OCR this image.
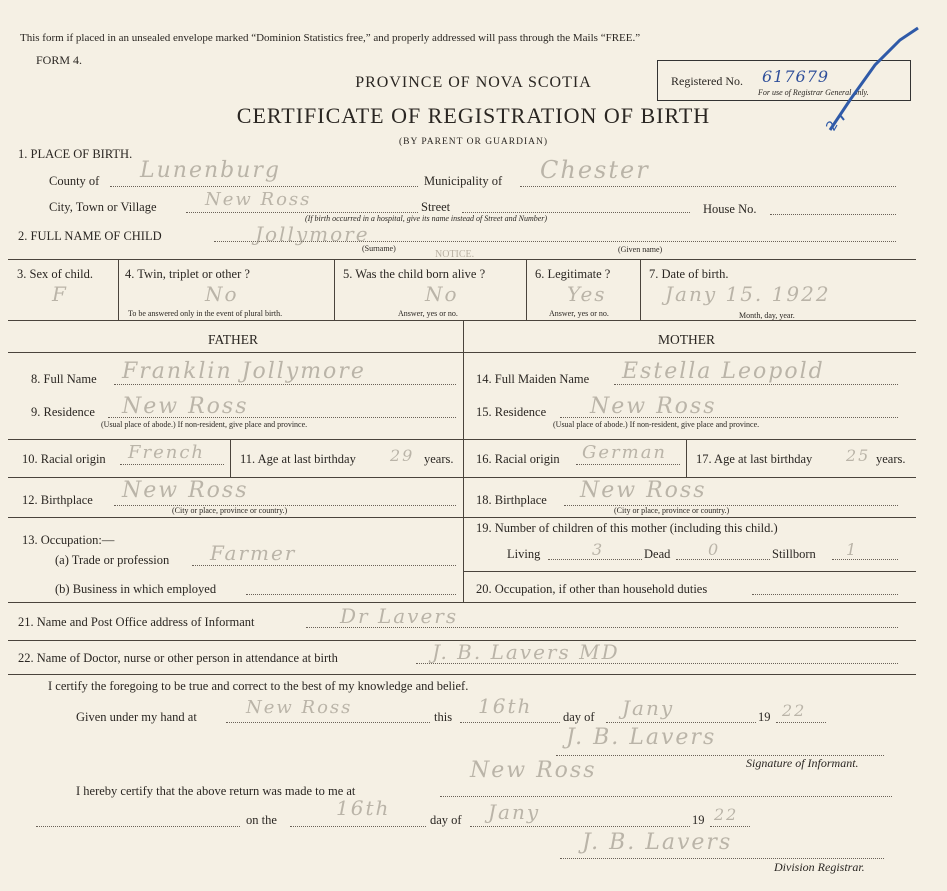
This form if placed in an unsealed envelope marked “Dominion Statistics free,” and properly addressed will pass through the Mails “FREE.”
FORM 4.
PROVINCE OF NOVA SCOTIA
CERTIFICATE OF REGISTRATION OF BIRTH
(BY PARENT OR GUARDIAN)
Registered No. 617679
For use of Registrar General only.
2
NOTICE.
1. PLACE OF BIRTH.
County of Lunenburg	Municipality of Chester
City, Town or Village	New Ross	Street
(If birth occurred in a hospital, give its name instead of Street and Number)
House No.
2. FULL NAME OF CHILD	Jollymore
(Surname)	(Given name)
3. Sex of child.
F
4. Twin, triplet or other ?
No
To be answered only in the event of plural birth.
5. Was the child born alive ?
No
Answer, yes or no.
6. Legitimate ?
Yes
Answer, yes or no.
7. Date of birth.
Jany 15. 1922
Month, day, year.
FATHER	MOTHER
8. Full Name Franklin Jollymore
9. Residence New Ross
(Usual place of abode.) If non-resident, give place and province.
10. Racial origin French	11. Age at last birthday 29 years.
12. Birthplace New Ross
(City or place, province or country.)
13. Occupation:—
(a) Trade or profession Farmer
(b) Business in which employed
14. Full Maiden Name Estella Leopold
15. Residence New Ross
(Usual place of abode.) If non-resident, give place and province.
16. Racial origin German 17. Age at last birthday 25 years.
18. Birthplace New Ross
(City or place, province or country.)
19. Number of children of this mother (including this child.)
Living	3	Dead 0	Stillborn 1
20. Occupation, if other than household duties
21. Name and Post Office address of Informant	Dr Lavers
22. Name of Doctor, nurse or other person in attendance at birth	J. B. Lavers MD
I certify the foregoing to be true and correct to the best of my knowledge and belief.
Given under my hand at	New Ross	this 16th day of Jany	19 22
J. B. Lavers
Signature of Informant.
I hereby certify that the above return was made to me at
New Ross
on the	16th	day of Jany	19 22
J. B. Lavers
Division Registrar.
